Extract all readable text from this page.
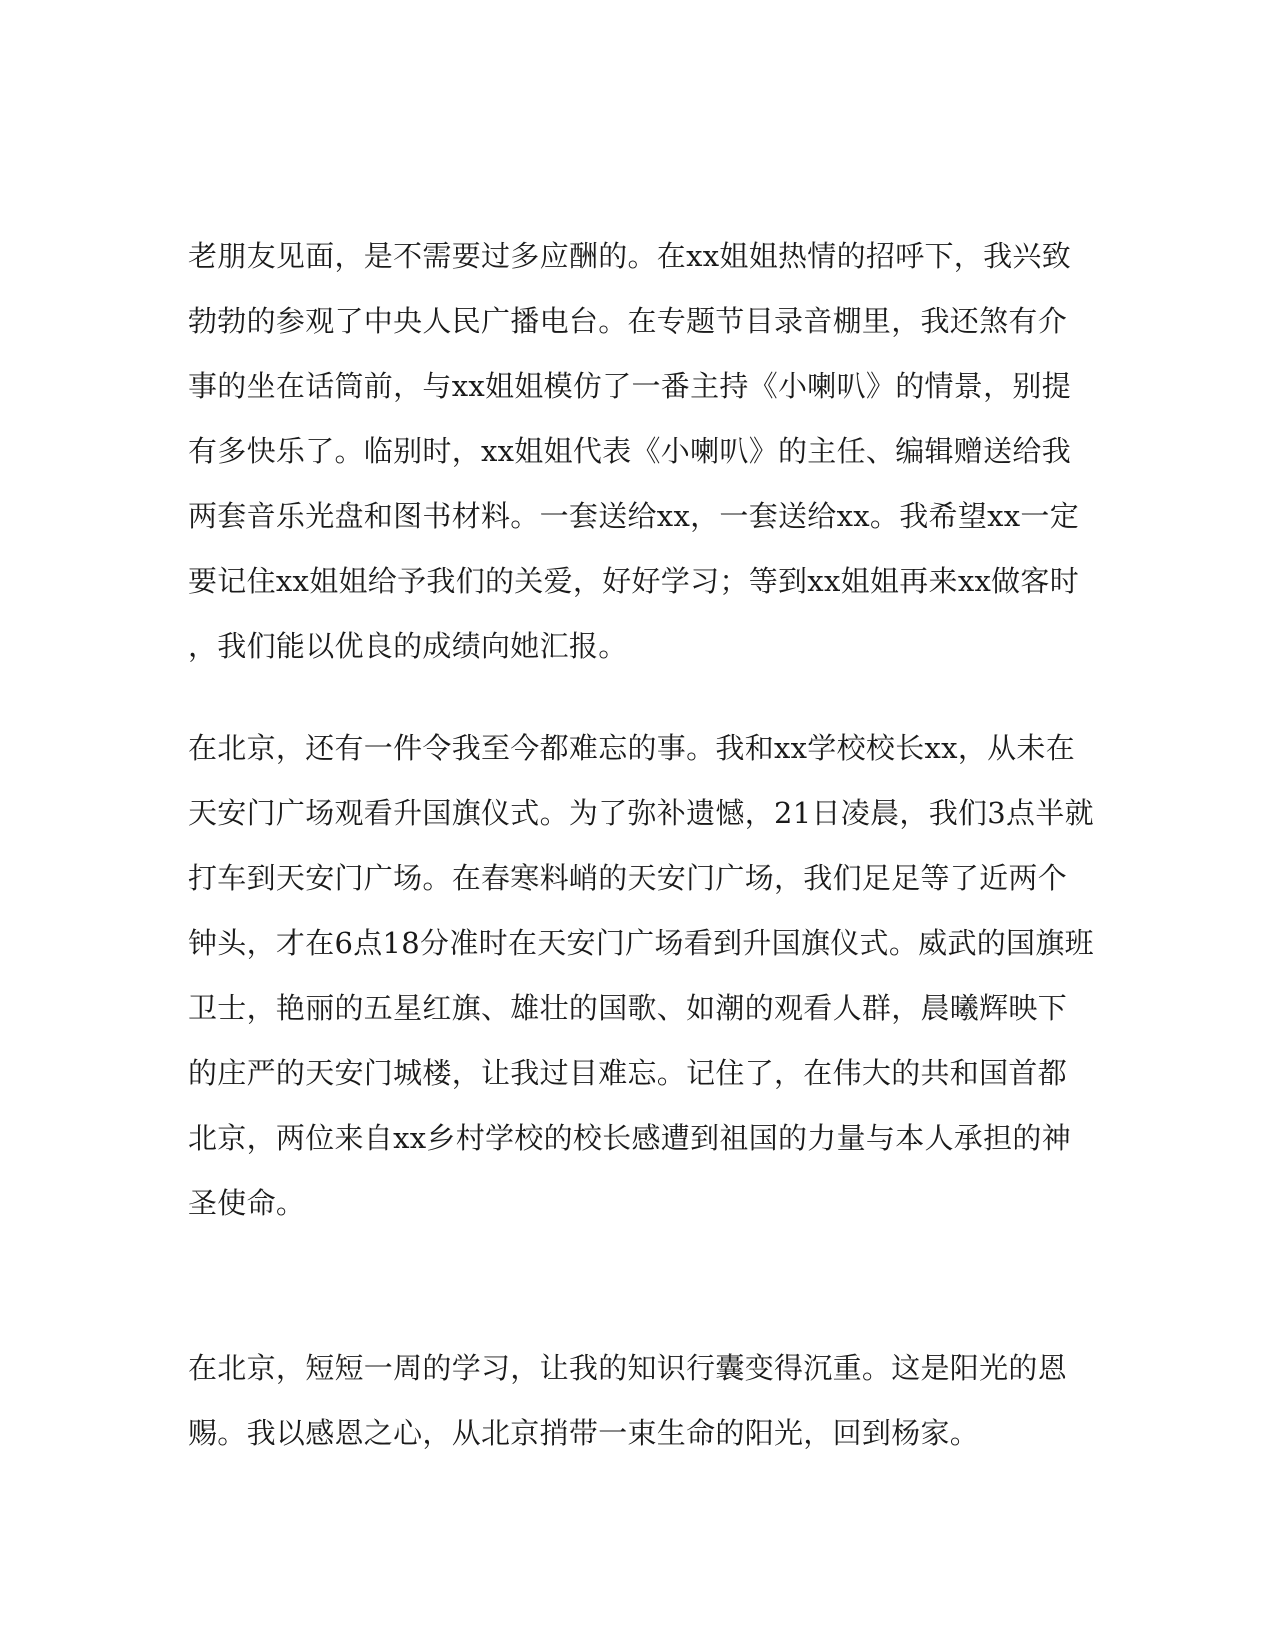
老朋友见面，是不需要过多应酬的。在xx姐姐热情的招呼下，我兴致
勃勃的参观了中央人民广播电台。在专题节目录音棚里，我还煞有介
事的坐在话筒前，与xx姐姐模仿了一番主持《小喇叭》的情景，别提
有多快乐了。临别时，xx姐姐代表《小喇叭》的主任、编辑赠送给我
两套音乐光盘和图书材料。一套送给xx，一套送给xx。我希望xx一定
要记住xx姐姐给予我们的关爱，好好学习；等到xx姐姐再来xx做客时
，我们能以优良的成绩向她汇报。
在北京，还有一件令我至今都难忘的事。我和xx学校校长xx，从未在
天安门广场观看升国旗仪式。为了弥补遗憾，21日凌晨，我们3点半就
打车到天安门广场。在春寒料峭的天安门广场，我们足足等了近两个
钟头，才在6点18分准时在天安门广场看到升国旗仪式。威武的国旗班
卫士，艳丽的五星红旗、雄壮的国歌、如潮的观看人群，晨曦辉映下
的庄严的天安门城楼，让我过目难忘。记住了，在伟大的共和国首都
北京，两位来自xx乡村学校的校长感遭到祖国的力量与本人承担的神
圣使命。
在北京，短短一周的学习，让我的知识行囊变得沉重。这是阳光的恩
赐。我以感恩之心，从北京捎带一束生命的阳光，回到杨家。
